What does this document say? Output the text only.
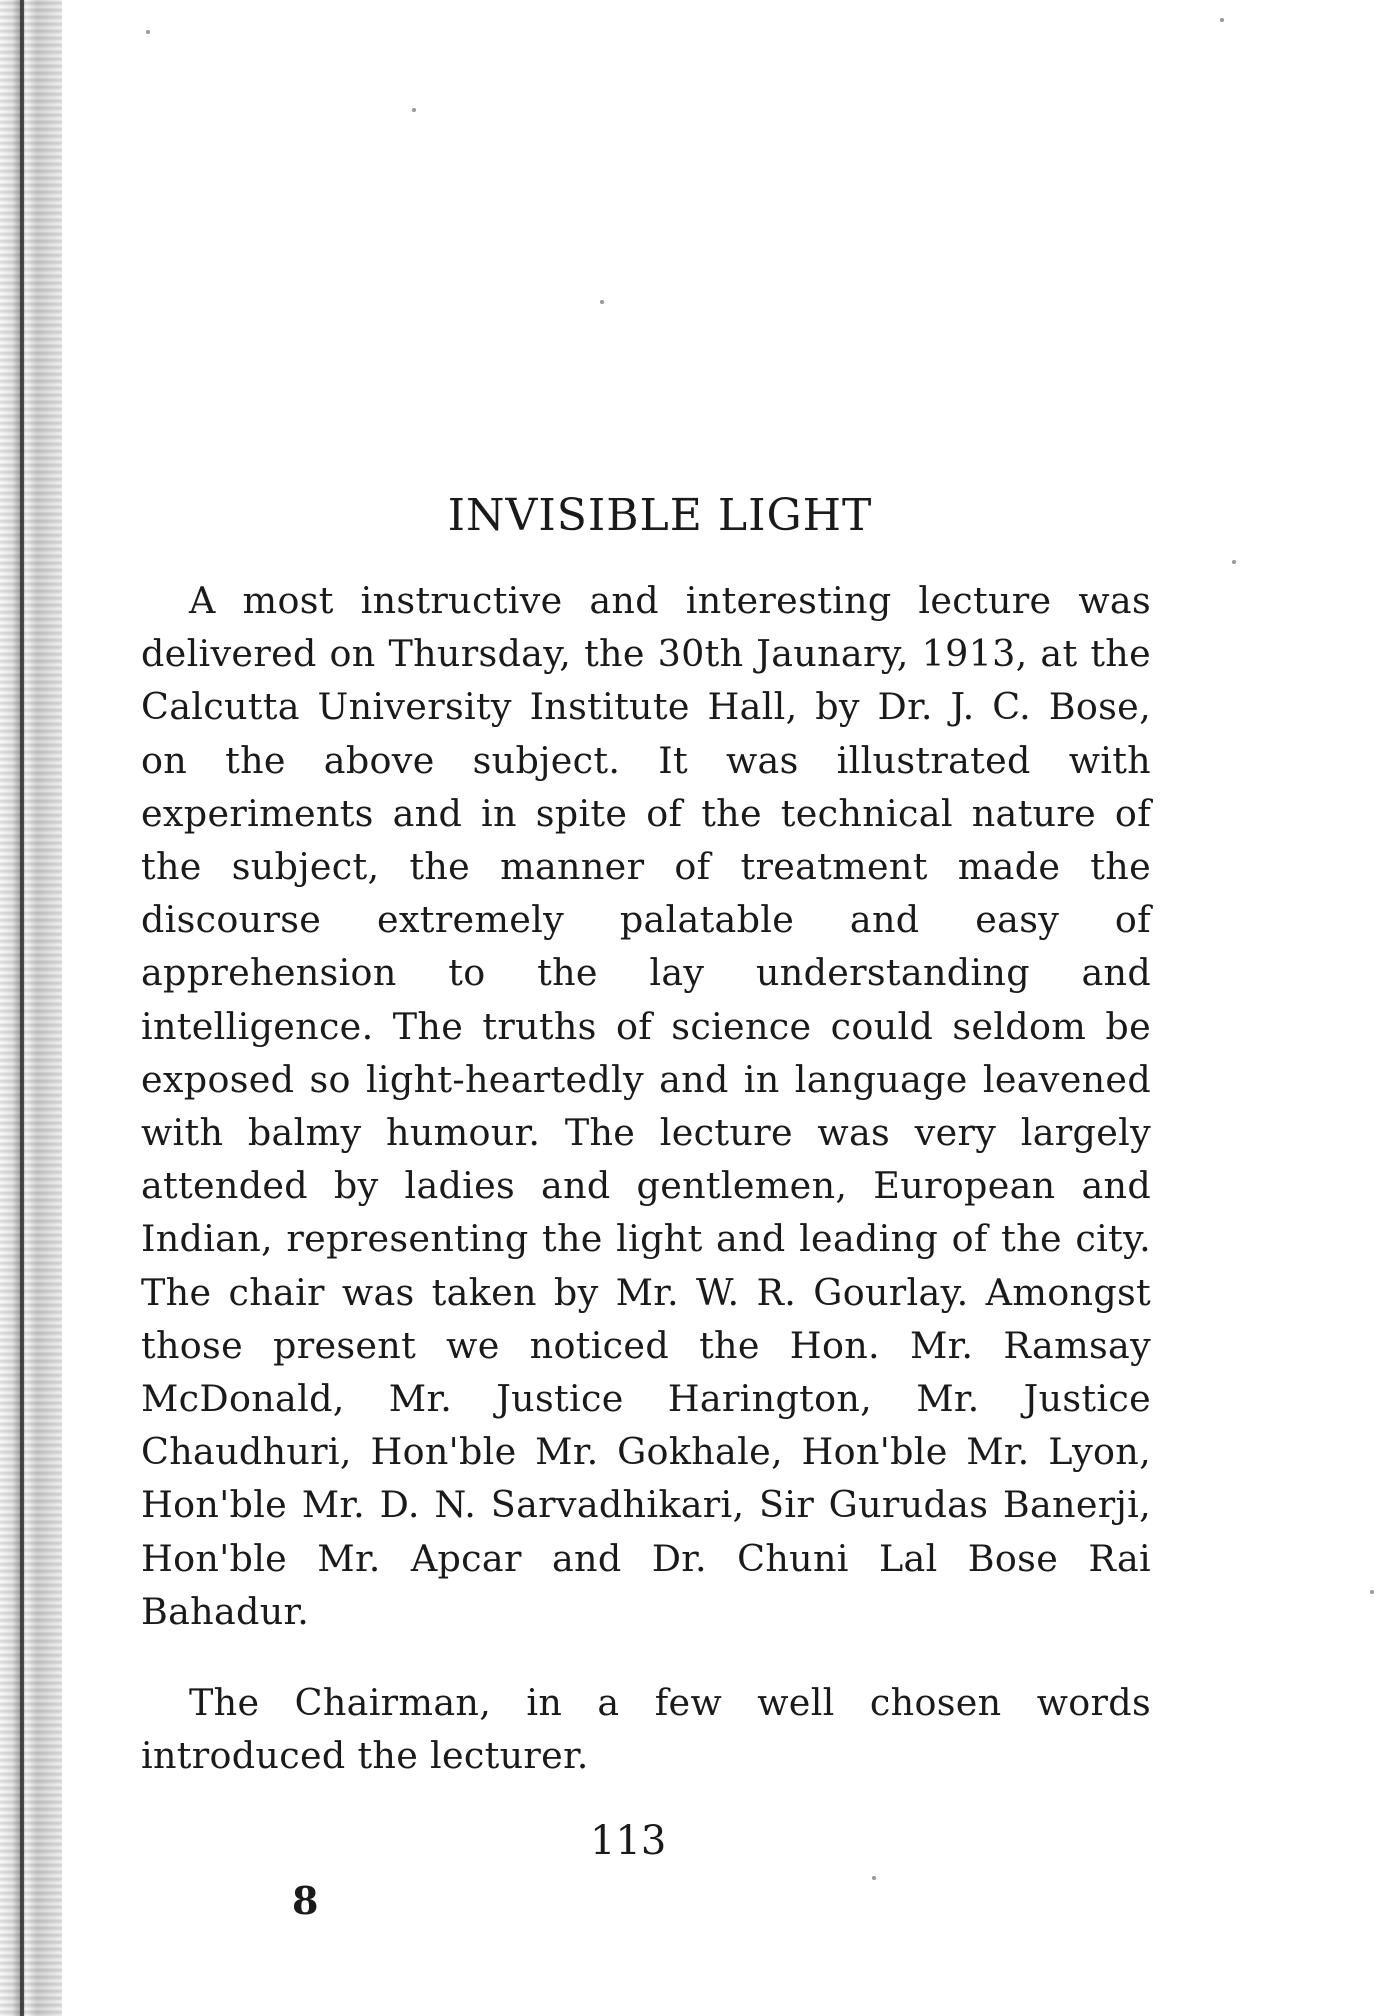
INVISIBLE LIGHT

A most instructive and interesting lecture was delivered on Thursday, the 30th Jaunary, 1913, at the Calcutta University Institute Hall, by Dr. J. C. Bose, on the above subject. It was illustrated with experiments and in spite of the technical nature of the subject, the manner of treatment made the discourse extremely palatable and easy of apprehension to the lay understanding and intelligence. The truths of science could seldom be exposed so light-heartedly and in language leavened with balmy humour. The lecture was very largely attended by ladies and gentlemen, European and Indian, representing the light and leading of the city. The chair was taken by Mr. W. R. Gourlay. Amongst those present we noticed the Hon. Mr. Ramsay McDonald, Mr. Justice Harington, Mr. Justice Chaudhuri, Hon'ble Mr. Gokhale, Hon'ble Mr. Lyon, Hon'ble Mr. D. N. Sarvadhikari, Sir Gurudas Banerji, Hon'ble Mr. Apcar and Dr. Chuni Lal Bose Rai Bahadur.

The Chairman, in a few well chosen words introduced the lecturer.

113

8
